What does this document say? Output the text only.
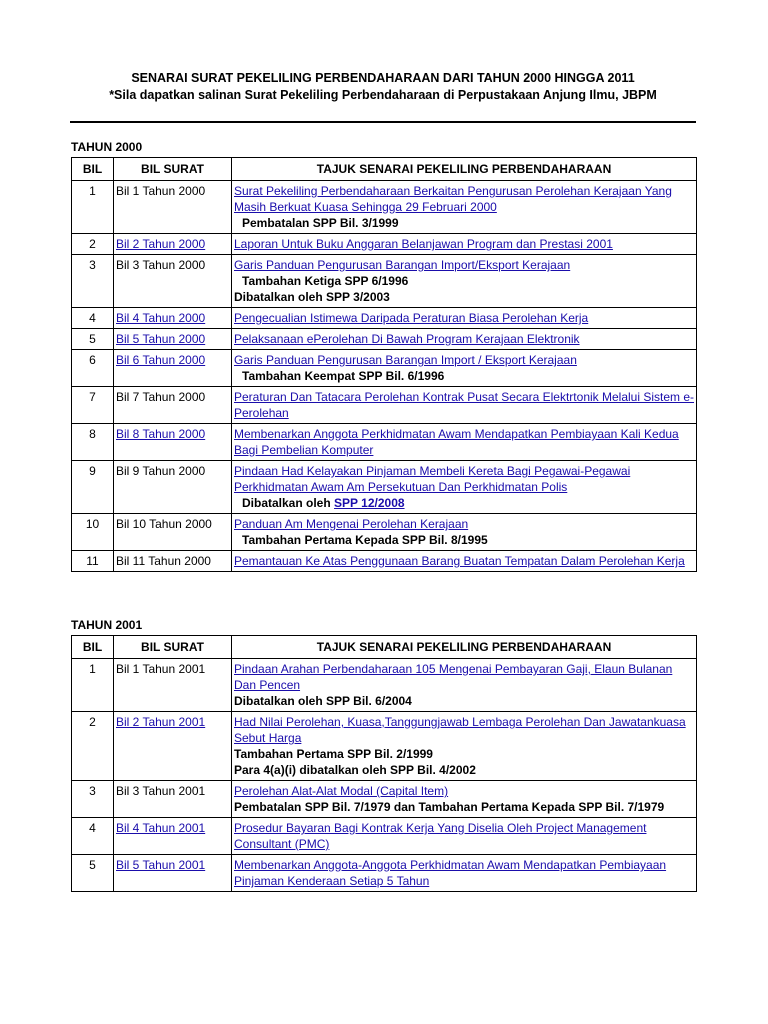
SENARAI SURAT PEKELILING PERBENDAHARAAN DARI TAHUN 2000 HINGGA 2011
*Sila dapatkan salinan Surat Pekeliling Perbendaharaan di Perpustakaan Anjung Ilmu, JBPM
TAHUN 2000
BIL	BIL SURAT	TAJUK SENARAI PEKELILING PERBENDAHARAAN
1	Bil 1 Tahun 2000	Surat Pekeliling Perbendaharaan Berkaitan Pengurusan Perolehan Kerajaan Yang Masih Berkuat Kuasa Sehingga 29 Februari 2000
Pembatalan SPP Bil. 3/1999

2	Bil 2 Tahun 2000	Laporan Untuk Buku Anggaran Belanjawan Program dan Prestasi 2001

3	Bil 3 Tahun 2000	Garis Panduan Pengurusan Barangan Import/Eksport Kerajaan
Tambahan Ketiga SPP 6/1996
Dibatalkan oleh SPP 3/2003

4	Bil 4 Tahun 2000	Pengecualian Istimewa Daripada Peraturan Biasa Perolehan Kerja

5	Bil 5 Tahun 2000	Pelaksanaan ePerolehan Di Bawah Program Kerajaan Elektronik

6	Bil 6 Tahun 2000	Garis Panduan Pengurusan Barangan Import / Eksport Kerajaan
Tambahan Keempat SPP Bil. 6/1996

7	Bil 7 Tahun 2000	Peraturan Dan Tatacara Perolehan Kontrak Pusat Secara Elektrtonik Melalui Sistem e-Perolehan

8	Bil 8 Tahun 2000	Membenarkan Anggota Perkhidmatan Awam Mendapatkan Pembiayaan Kali Kedua Bagi Pembelian Komputer

9	Bil 9 Tahun 2000	Pindaan Had Kelayakan Pinjaman Membeli Kereta Bagi Pegawai-Pegawai Perkhidmatan Awam Am Persekutuan Dan Perkhidmatan Polis
Dibatalkan oleh SPP 12/2008

10	Bil 10 Tahun 2000	Panduan Am Mengenai Perolehan Kerajaan
Tambahan Pertama Kepada SPP Bil. 8/1995

11	Bil 11 Tahun 2000	Pemantauan Ke Atas Penggunaan Barang Buatan Tempatan Dalam Perolehan Kerja
TAHUN 2001
BIL	BIL SURAT	TAJUK SENARAI PEKELILING PERBENDAHARAAN
1	Bil 1 Tahun 2001	Pindaan Arahan Perbendaharaan 105 Mengenai Pembayaran Gaji, Elaun Bulanan Dan Pencen
Dibatalkan oleh SPP Bil. 6/2004

2	Bil 2 Tahun 2001	Had Nilai Perolehan, Kuasa,Tanggungjawab Lembaga Perolehan Dan Jawatankuasa Sebut Harga
Tambahan Pertama SPP Bil. 2/1999
Para 4(a)(i) dibatalkan oleh SPP Bil. 4/2002

3	Bil 3 Tahun 2001	Perolehan Alat-Alat Modal (Capital Item)
Pembatalan SPP Bil. 7/1979 dan Tambahan Pertama Kepada SPP Bil. 7/1979

4	Bil 4 Tahun 2001	Prosedur Bayaran Bagi Kontrak Kerja Yang Diselia Oleh Project Management Consultant (PMC)

5	Bil 5 Tahun 2001	Membenarkan Anggota-Anggota Perkhidmatan Awam Mendapatkan Pembiayaan Pinjaman Kenderaan Setiap 5 Tahun
